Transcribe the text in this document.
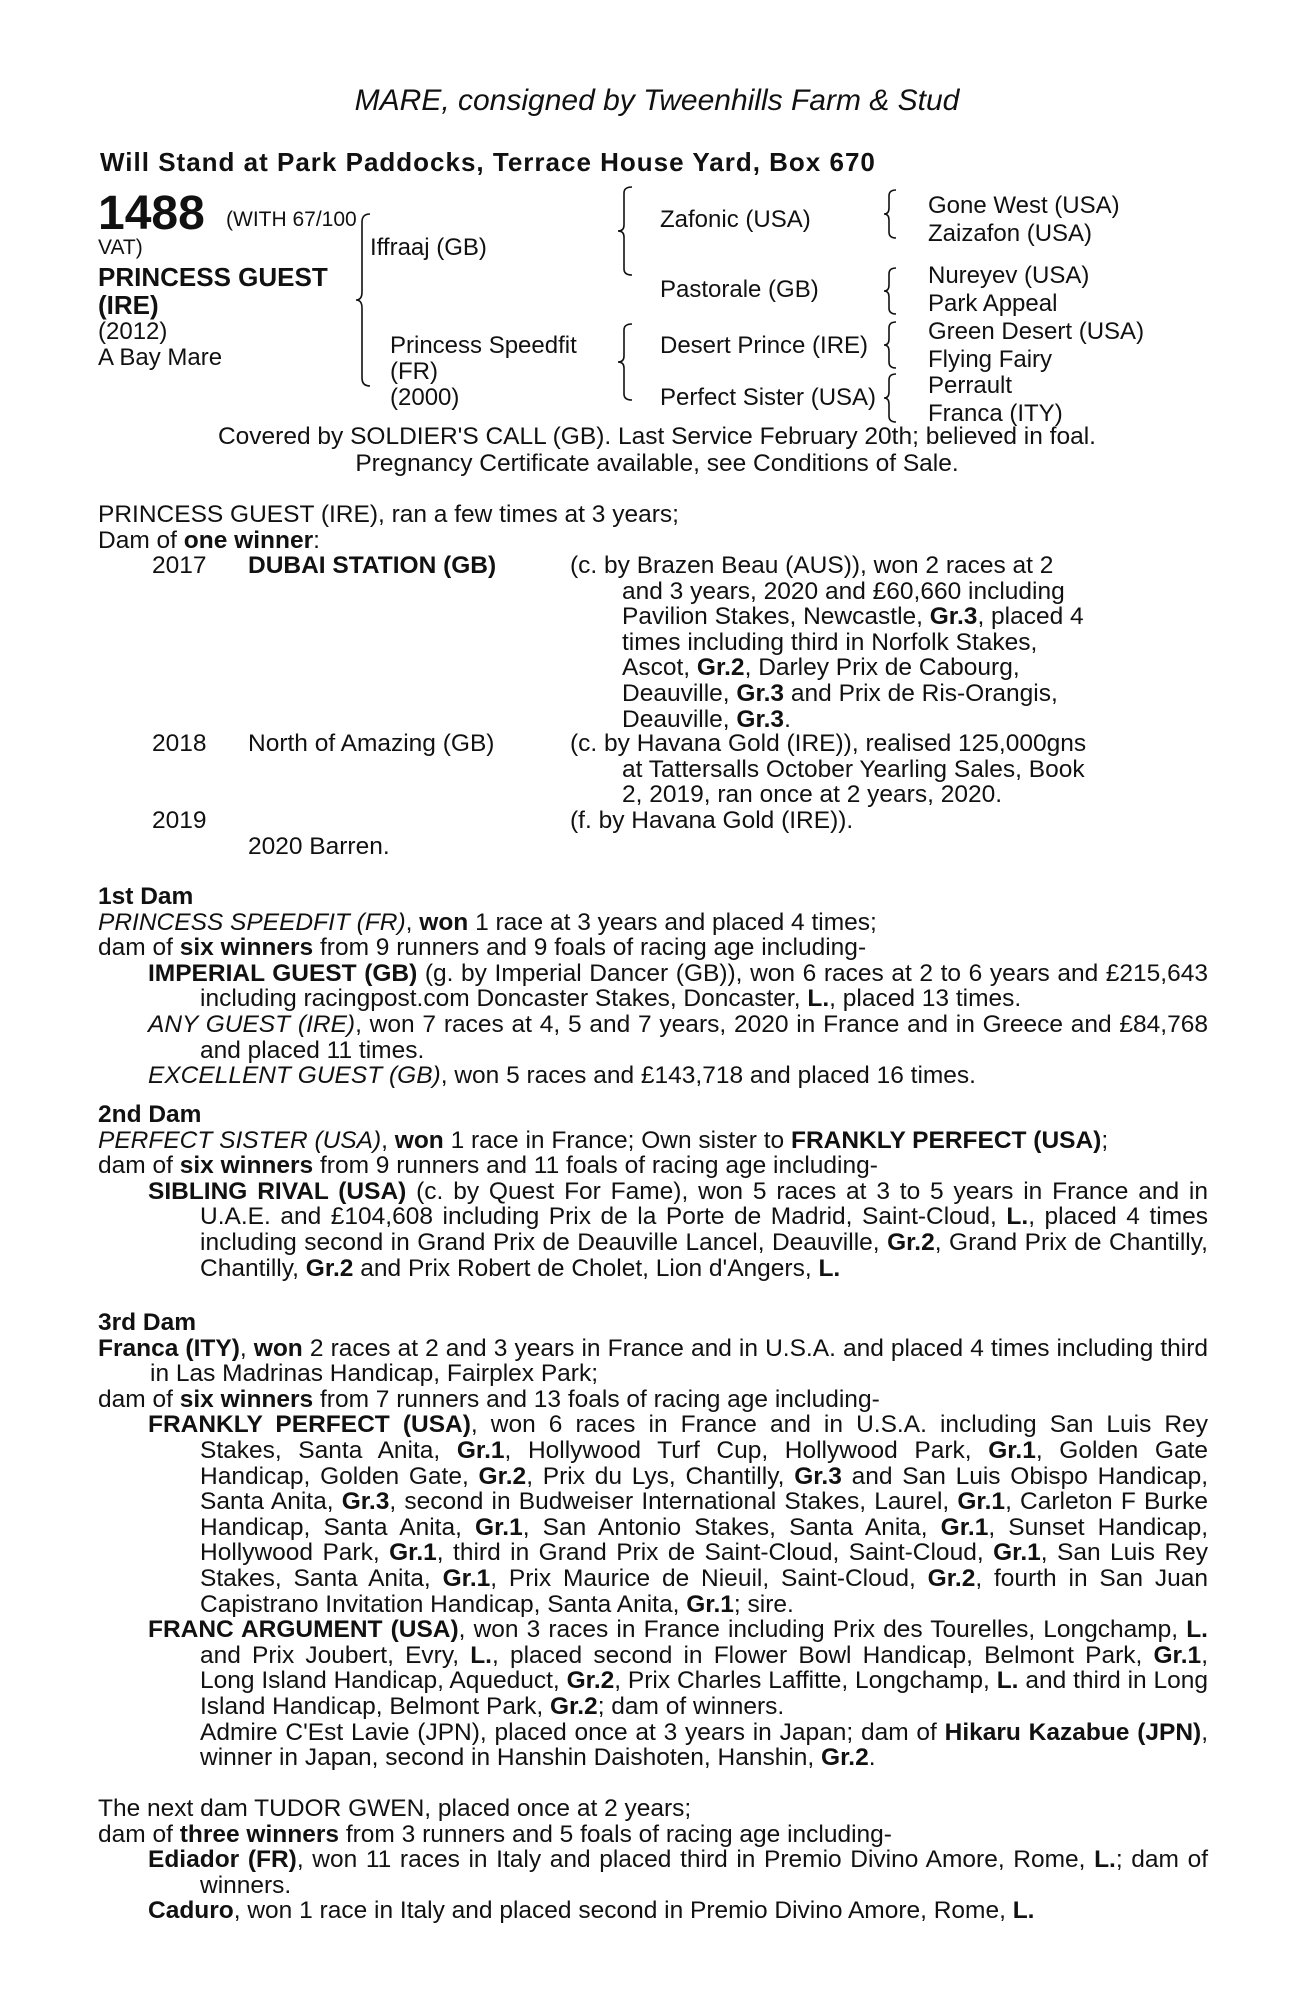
MARE, consigned by Tweenhills Farm & Stud
Will Stand at Park Paddocks, Terrace House Yard, Box 670
1488 (WITH 67/100
VAT)
PRINCESS GUEST
(IRE)
(2012)
A Bay Mare
Iffraaj (GB)
Princess Speedfit
(FR)
(2000)
Zafonic (USA)
Pastorale (GB)
Desert Prince (IRE)
Perfect Sister (USA)
Gone West (USA)
Zaizafon (USA)
Nureyev (USA)
Park Appeal
Green Desert (USA)
Flying Fairy
Perrault
Franca (ITY)
Covered by SOLDIER'S CALL (GB). Last Service February 20th; believed in foal.
Pregnancy Certificate available, see Conditions of Sale.
PRINCESS GUEST (IRE), ran a few times at 3 years;
Dam of one winner:
2017 DUBAI STATION (GB)	(c. by Brazen Beau (AUS)), won 2 races at 2
and 3 years, 2020 and £60,660 including
Pavilion Stakes, Newcastle, Gr.3, placed 4
times including third in Norfolk Stakes,
Ascot, Gr.2, Darley Prix de Cabourg,
Deauville, Gr.3 and Prix de Ris-Orangis,
Deauville, Gr.3.
2018 North of Amazing (GB)	(c. by Havana Gold (IRE)), realised 125,000gns
at Tattersalls October Yearling Sales, Book
2, 2019, ran once at 2 years, 2020.
2019	(f. by Havana Gold (IRE)).
2020 Barren.
1st Dam
PRINCESS SPEEDFIT (FR), won 1 race at 3 years and placed 4 times;
dam of six winners from 9 runners and 9 foals of racing age including-
IMPERIAL GUEST (GB) (g. by Imperial Dancer (GB)), won 6 races at 2 to 6 years and £215,643 including racingpost.com Doncaster Stakes, Doncaster, L., placed 13 times.
ANY GUEST (IRE), won 7 races at 4, 5 and 7 years, 2020 in France and in Greece and £84,768 and placed 11 times.
EXCELLENT GUEST (GB), won 5 races and £143,718 and placed 16 times.
2nd Dam
PERFECT SISTER (USA), won 1 race in France; Own sister to FRANKLY PERFECT (USA);
dam of six winners from 9 runners and 11 foals of racing age including-
SIBLING RIVAL (USA) (c. by Quest For Fame), won 5 races at 3 to 5 years in France and in U.A.E. and £104,608 including Prix de la Porte de Madrid, Saint-Cloud, L., placed 4 times including second in Grand Prix de Deauville Lancel, Deauville, Gr.2, Grand Prix de Chantilly, Chantilly, Gr.2 and Prix Robert de Cholet, Lion d'Angers, L.
3rd Dam
Franca (ITY), won 2 races at 2 and 3 years in France and in U.S.A. and placed 4 times including third in Las Madrinas Handicap, Fairplex Park;
dam of six winners from 7 runners and 13 foals of racing age including-
FRANKLY PERFECT (USA), won 6 races in France and in U.S.A. including San Luis Rey Stakes, Santa Anita, Gr.1, Hollywood Turf Cup, Hollywood Park, Gr.1, Golden Gate Handicap, Golden Gate, Gr.2, Prix du Lys, Chantilly, Gr.3 and San Luis Obispo Handicap, Santa Anita, Gr.3, second in Budweiser International Stakes, Laurel, Gr.1, Carleton F Burke Handicap, Santa Anita, Gr.1, San Antonio Stakes, Santa Anita, Gr.1, Sunset Handicap, Hollywood Park, Gr.1, third in Grand Prix de Saint-Cloud, Saint-Cloud, Gr.1, San Luis Rey Stakes, Santa Anita, Gr.1, Prix Maurice de Nieuil, Saint-Cloud, Gr.2, fourth in San Juan Capistrano Invitation Handicap, Santa Anita, Gr.1; sire.
FRANC ARGUMENT (USA), won 3 races in France including Prix des Tourelles, Longchamp, L. and Prix Joubert, Evry, L., placed second in Flower Bowl Handicap, Belmont Park, Gr.1, Long Island Handicap, Aqueduct, Gr.2, Prix Charles Laffitte, Longchamp, L. and third in Long Island Handicap, Belmont Park, Gr.2; dam of winners.
Admire C'Est Lavie (JPN), placed once at 3 years in Japan; dam of Hikaru Kazabue (JPN), winner in Japan, second in Hanshin Daishoten, Hanshin, Gr.2.
The next dam TUDOR GWEN, placed once at 2 years;
dam of three winners from 3 runners and 5 foals of racing age including-
Ediador (FR), won 11 races in Italy and placed third in Premio Divino Amore, Rome, L.; dam of winners.
Caduro, won 1 race in Italy and placed second in Premio Divino Amore, Rome, L.
